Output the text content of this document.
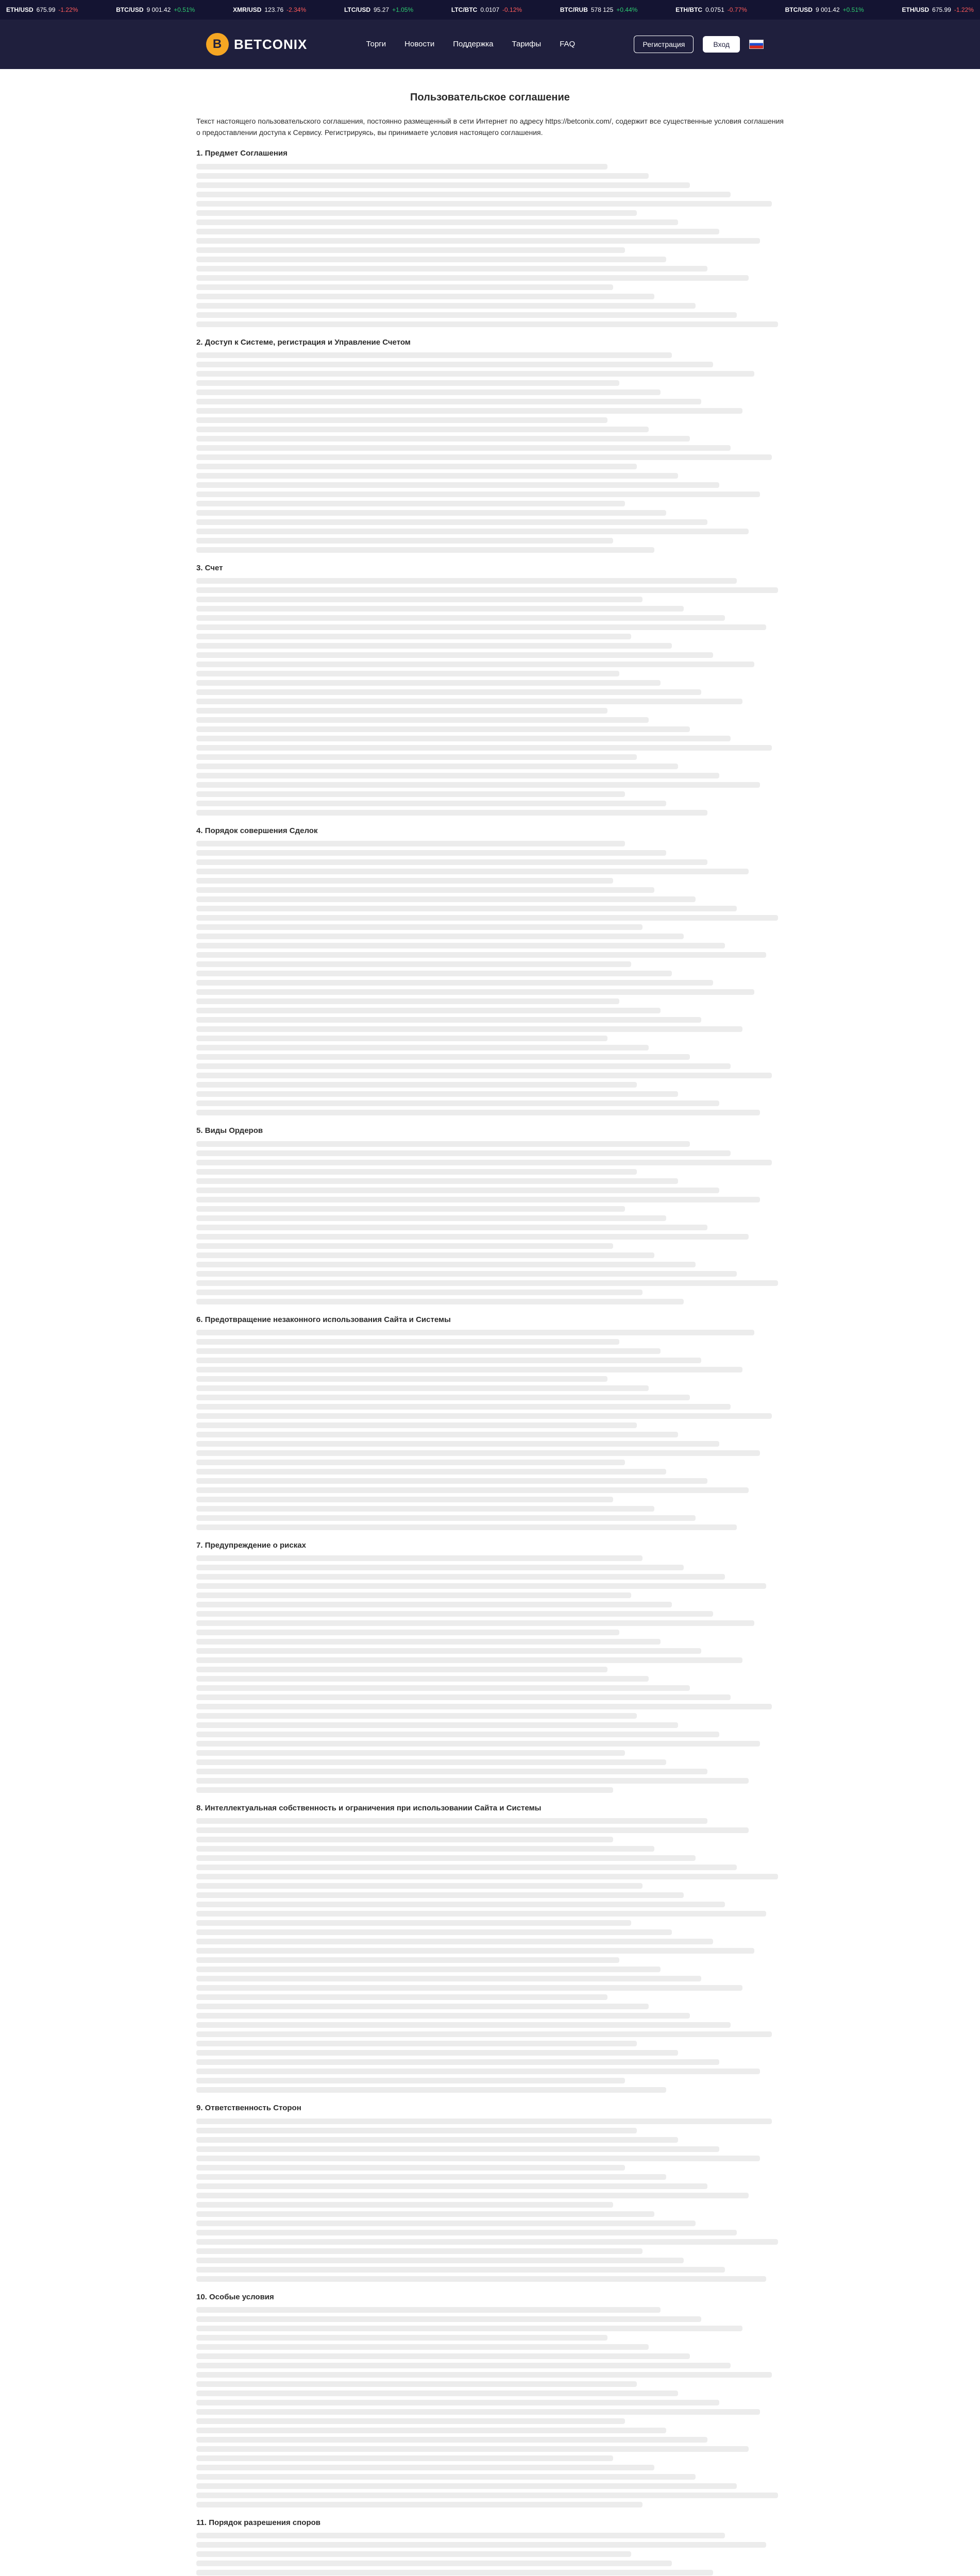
ETH/USD 675.99 -1.22%	BTC/USD 9 001.42 +0.51%	XMR/USD 123.76 -2.34%	LTC/USD 95.27 +1.05%	LTC/BTC 0.0107 -0.12%	BTC/RUB 578 125 +0.44%	ETH/BTC 0.0751 -0.77%	BTC/USD 9 001.42 +0.51%	ETH/USD 675.99 -1.22%
B BETCONIX	Торги Новости Поддержка Тарифы FAQ	Регистрация	Вход
Пользовательское соглашение

Текст настоящего пользовательского соглашения, постоянно размещенный в сети Интернет по адресу https://betconix.com/, содержит все существенные условия соглашения о предоставлении доступа к Сервису. Регистрируясь, вы принимаете условия настоящего соглашения.

1. Предмет Соглашения
2. Доступ к Системе, регистрация и Управление Счетом
3. Счет
4. Порядок совершения Сделок
5. Виды Ордеров
6. Предотвращение незаконного использования Сайта и Системы
7. Предупреждение о рисках
8. Интеллектуальная собственность и ограничения при использовании Сайта и Системы
9. Ответственность Сторон
10. Особые условия
11. Порядок разрешения споров
